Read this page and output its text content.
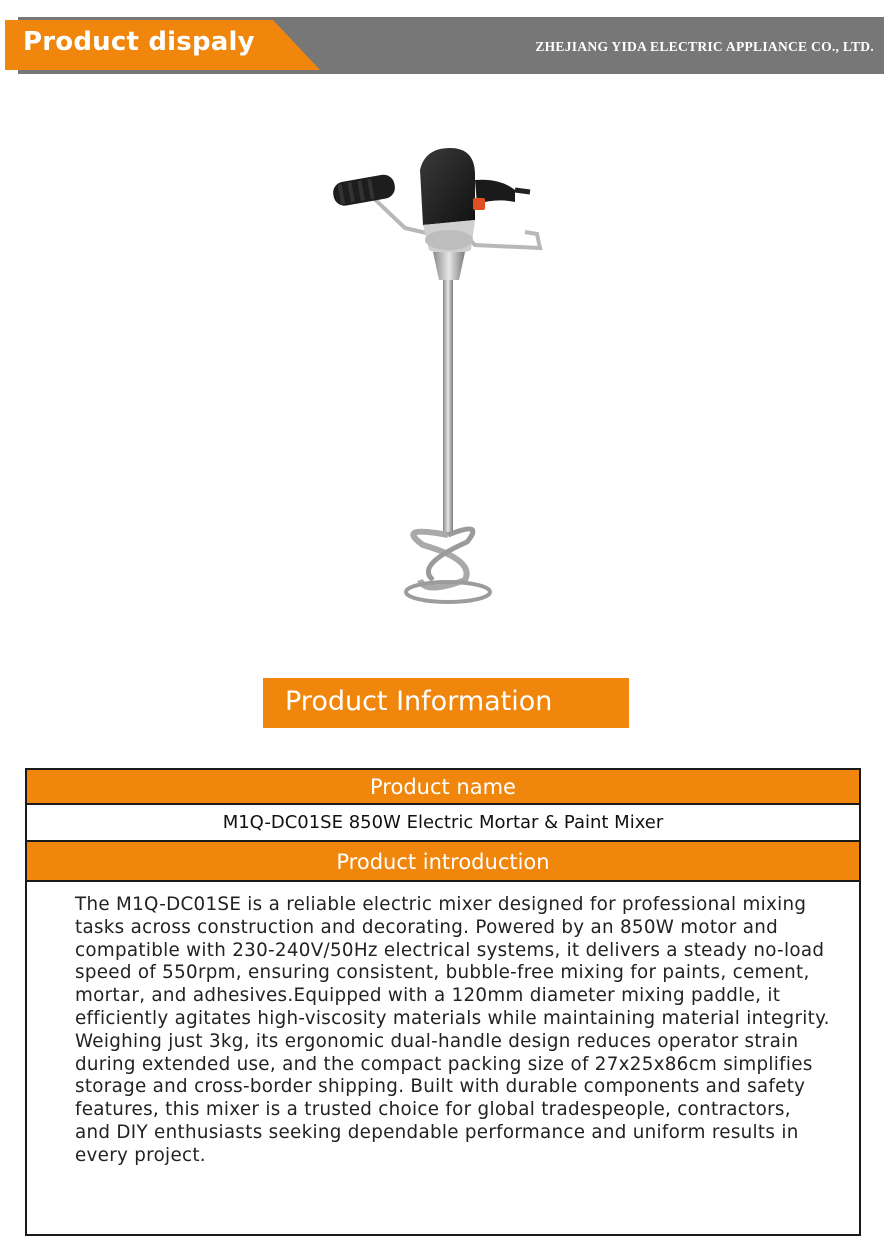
Product dispaly	ZHEJIANG YIDA ELECTRIC APPLIANCE CO., LTD.
Product Information
Product name
M1Q-DC01SE 850W Electric Mortar & Paint Mixer
Product introduction
The M1Q-DC01SE is a reliable electric mixer designed for professional mixing tasks across construction and decorating. Powered by an 850W motor and compatible with 230-240V/50Hz electrical systems, it delivers a steady no-load speed of 550rpm, ensuring consistent, bubble-free mixing for paints, cement, mortar, and adhesives.Equipped with a 120mm diameter mixing paddle, it efficiently agitates high-viscosity materials while maintaining material integrity. Weighing just 3kg, its ergonomic dual-handle design reduces operator strain during extended use, and the compact packing size of 27x25x86cm simplifies storage and cross-border shipping. Built with durable components and safety features, this mixer is a trusted choice for global tradespeople, contractors, and DIY enthusiasts seeking dependable performance and uniform results in every project.
